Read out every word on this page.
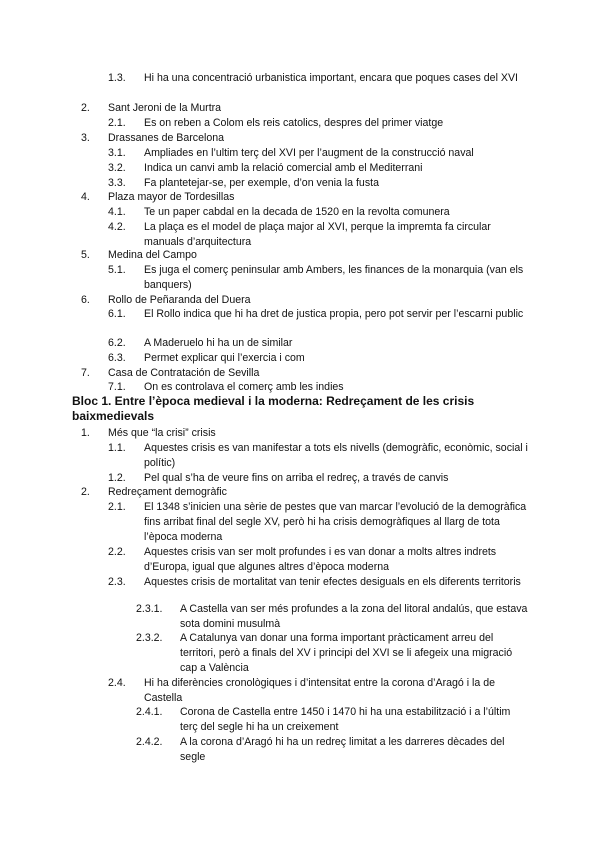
1.3. Hi ha una concentració urbanistica important, encara que poques cases del XVI
2. Sant Jeroni de la Murtra
2.1. Es on reben a Colom els reis catolics, despres del primer viatge
3. Drassanes de Barcelona
3.1. Ampliades en l’ultim terç del XVI per l’augment de la construcció naval
3.2. Indica un canvi amb la relació comercial amb el Mediterrani
3.3. Fa plantetejar-se, per exemple, d’on venia la fusta
4. Plaza mayor de Tordesillas
4.1. Te un paper cabdal en la decada de 1520 en la revolta comunera
4.2. La plaça es el model de plaça major al XVI, perque la impremta fa circular manuals d’arquitectura
5. Medina del Campo
5.1. Es juga el comerç peninsular amb Ambers, les finances de la monarquia (van els banquers)
6. Rollo de Peñaranda del Duera
6.1. El Rollo indica que hi ha dret de justica propia, pero pot servir per l’escarni public
6.2. A Maderuelo hi ha un de similar
6.3. Permet explicar qui l’exercia i com
7. Casa de Contratación de Sevilla
7.1. On es controlava el comerç amb les indies
Bloc 1. Entre l’època medieval i la moderna: Redreçament de les crisis baixmedievals
1. Més que “la crisi” crisis
1.1. Aquestes crisis es van manifestar a tots els nivells (demogràfic, econòmic, social i polític)
1.2. Pel qual s’ha de veure fins on arriba el redreç, a través de canvis
2. Redreçament demogràfic
2.1. El 1348 s’inicien una sèrie de pestes que van marcar l’evolució de la demogràfica fins arribat final del segle XV, però hi ha crisis demogràfiques al llarg de tota l’època moderna
2.2. Aquestes crisis van ser molt profundes i es van donar a molts altres indrets d’Europa, igual que algunes altres d’època moderna
2.3. Aquestes crisis de mortalitat van tenir efectes desiguals en els diferents territoris
2.3.1. A Castella van ser més profundes a la zona del litoral andalús, que estava sota domini musulmà
2.3.2. A Catalunya van donar una forma important pràcticament arreu del territori, però a finals del XV i principi del XVI se li afegeix una migració cap a València
2.4. Hi ha diferències cronològiques i d’intensitat entre la corona d’Aragó i la de Castella
2.4.1. Corona de Castella entre 1450 i 1470 hi ha una estabilització i a l’últim terç del segle hi ha un creixement
2.4.2. A la corona d’Aragó hi ha un redreç limitat a les darreres dècades del segle
